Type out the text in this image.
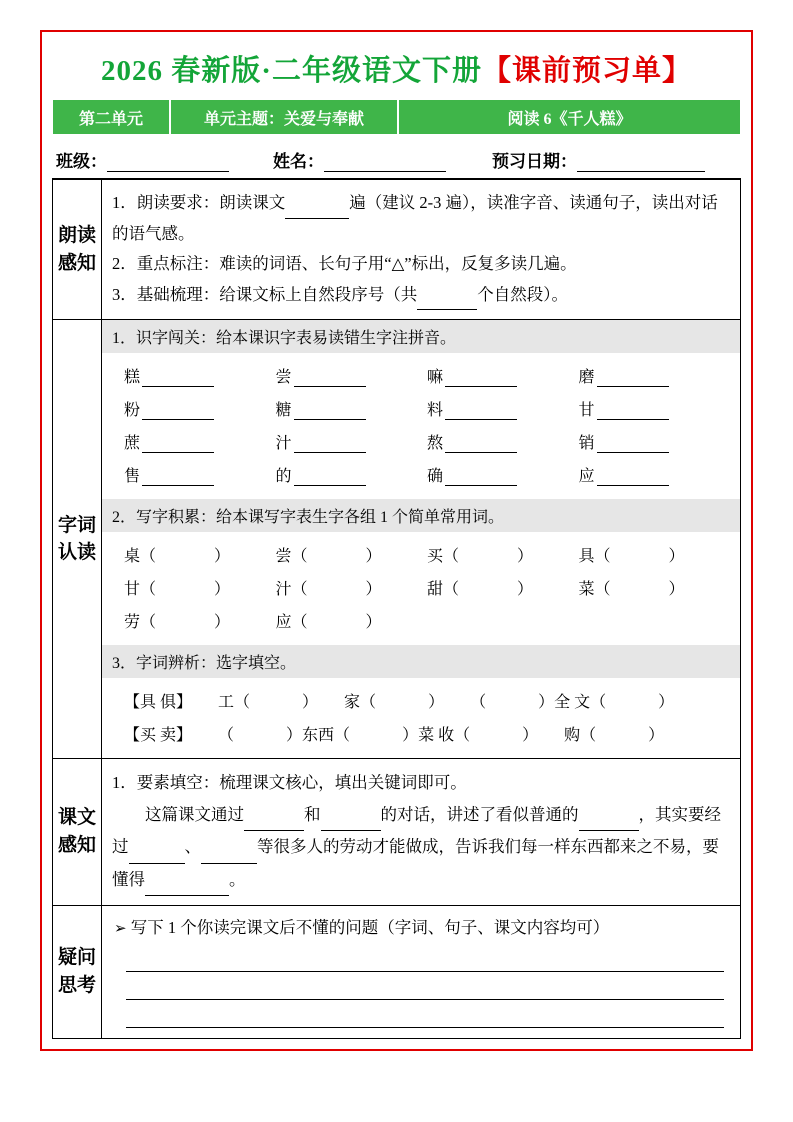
2026 春新版·二年级语文下册【课前预习单】
第二单元	单元主题：关爱与奉献	阅读 6《千人糕》
班级：	姓名：	预习日期：
朗读感知	1．朗读要求：朗读课文 遍（建议 2-3 遍），读准字音、读通句子，读出对话的语气感。

2．重点标注：难读的词语、长句子用“△”标出，反复多读几遍。

3．基础梳理：给课文标上自然段序号（共 个自然段）。

字词认读	
1．识字闯关：给本课识字表易读错生字注拼音。
糕	尝	嘛	磨
粉	糖	料	甘
蔗	汁	熬	销
售	的	确	应
2．写字积累：给本课写字表生字各组 1 个简单常用词。
桌（	）	尝（	）	买（	）	具（	）
甘（	）	汁（	）	甜（	）	菜（	）
劳（	）	应（	）
3．字词辨析：选字填空。
【具 俱】 工（	） 家（	） （	）全 文（	）
【买 卖】 （	）东西（	）菜 收（	） 购（	）

课文感知	1．要素填空：梳理课文核心，填出关键词即可。

这篇课文通过 和 的对话，讲述了看似普通的 ，其实要经过 、 等很多人的劳动才能做成，告诉我们每一样东西都来之不易，要懂得 。

疑问思考	➢ 写下 1 个你读完课文后不懂的问题（字词、句子、课文内容均可）
